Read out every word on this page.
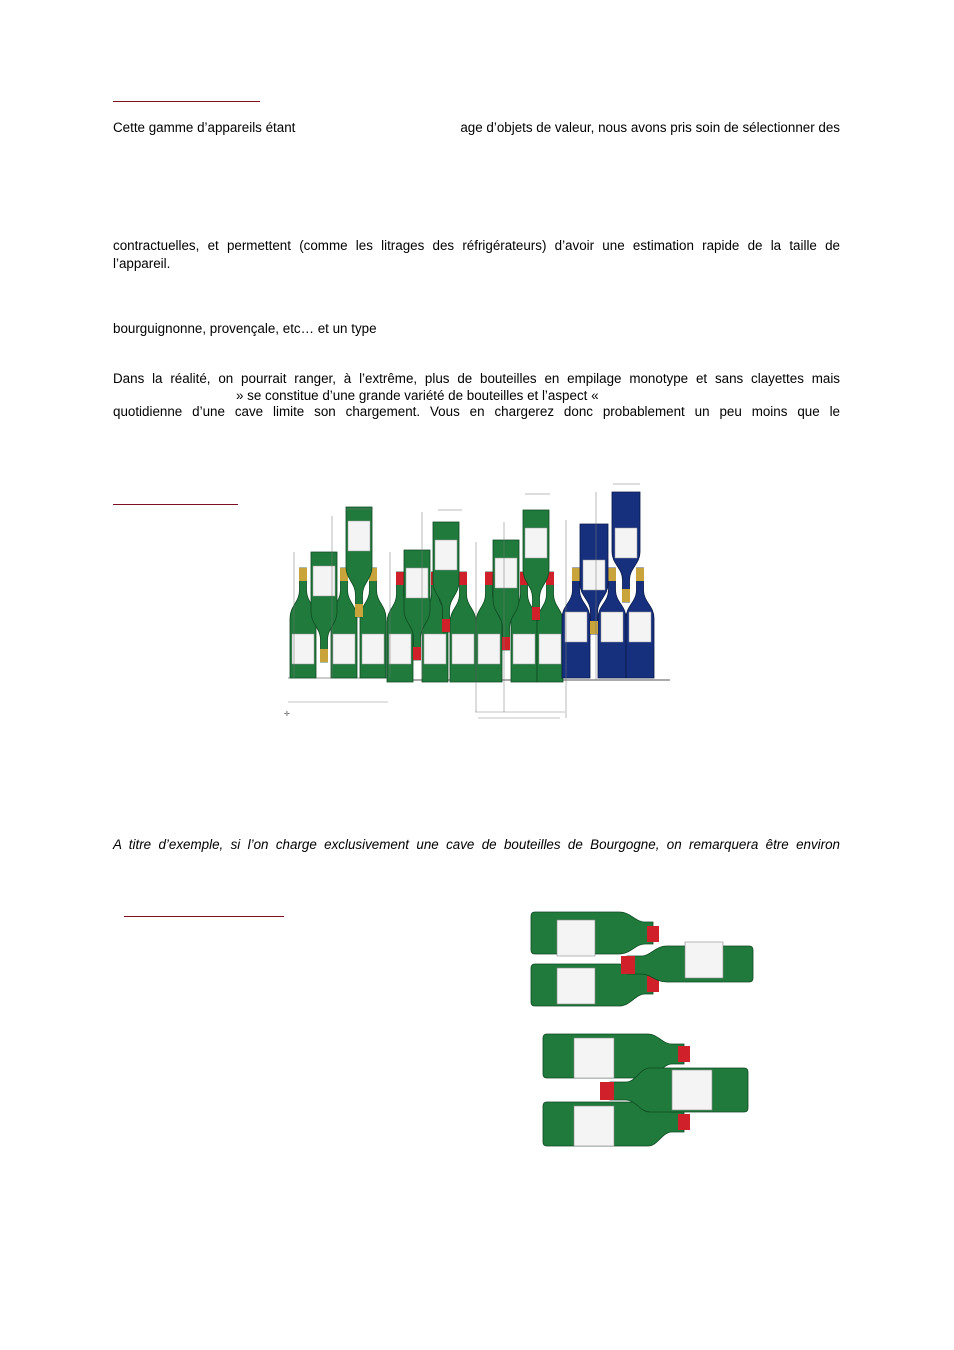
Cette gamme d’appareils étant	age d’objets de valeur, nous avons pris soin de sélectionner des
contractuelles, et permettent (comme les litrages des réfrigérateurs) d’avoir une estimation rapide de la taille de
l’appareil.
bourguignonne, provençale, etc… et un type
Dans la réalité, on pourrait ranger, à l’extrême, plus de bouteilles en empilage monotype et sans clayettes mais
» se constitue d’une grande variété de bouteilles et l’aspect «
quotidienne d’une cave limite son chargement. Vous en chargerez donc probablement un peu moins que le
✛
A titre d’exemple, si l’on charge exclusivement une cave de bouteilles de Bourgogne, on remarquera être environ
